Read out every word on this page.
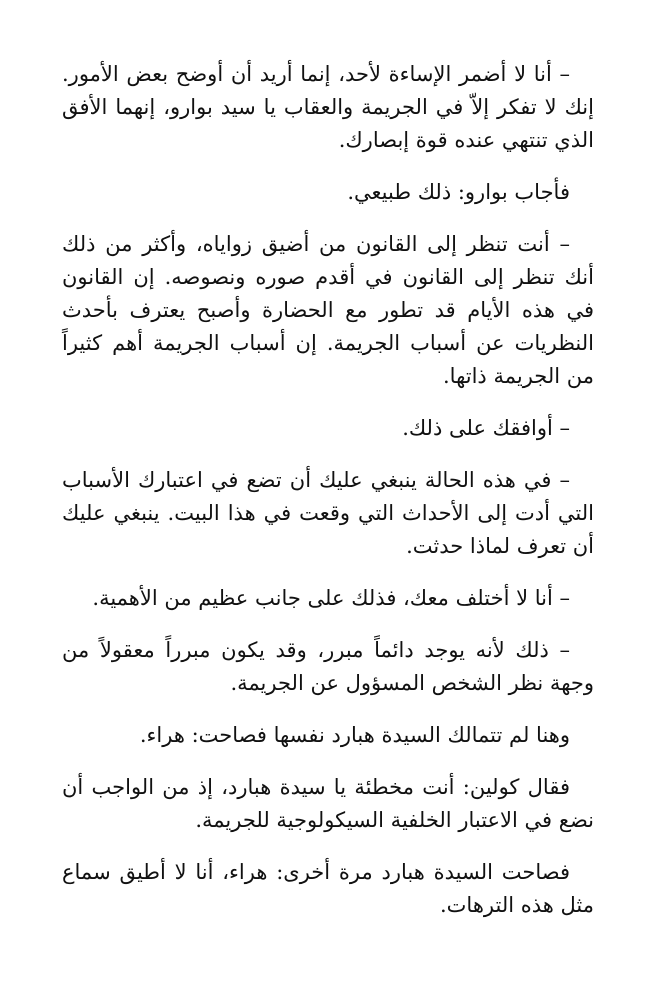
– أنا لا أضمر الإساءة لأحد، إنما أريد أن أوضح بعض الأمور. إنك لا تفكر إلاّ في الجريمة والعقاب يا سيد بوارو، إنهما الأفق الذي تنتهي عنده قوة إبصارك.

فأجاب بوارو: ذلك طبيعي.

– أنت تنظر إلى القانون من أضيق زواياه، وأكثر من ذلك أنك تنظر إلى القانون في أقدم صوره ونصوصه. إن القانون في هذه الأيام قد تطور مع الحضارة وأصبح يعترف بأحدث النظريات عن أسباب الجريمة. إن أسباب الجريمة أهم كثيراً من الجريمة ذاتها.

– أوافقك على ذلك.

– في هذه الحالة ينبغي عليك أن تضع في اعتبارك الأسباب التي أدت إلى الأحداث التي وقعت في هذا البيت. ينبغي عليك أن تعرف لماذا حدثت.

– أنا لا أختلف معك، فذلك على جانب عظيم من الأهمية.

– ذلك لأنه يوجد دائماً مبرر، وقد يكون مبرراً معقولاً من وجهة نظر الشخص المسؤول عن الجريمة.

وهنا لم تتمالك السيدة هبارد نفسها فصاحت: هراء.

فقال كولين: أنت مخطئة يا سيدة هبارد، إذ من الواجب أن نضع في الاعتبار الخلفية السيكولوجية للجريمة.

فصاحت السيدة هبارد مرة أخرى: هراء، أنا لا أطيق سماع مثل هذه الترهات.
